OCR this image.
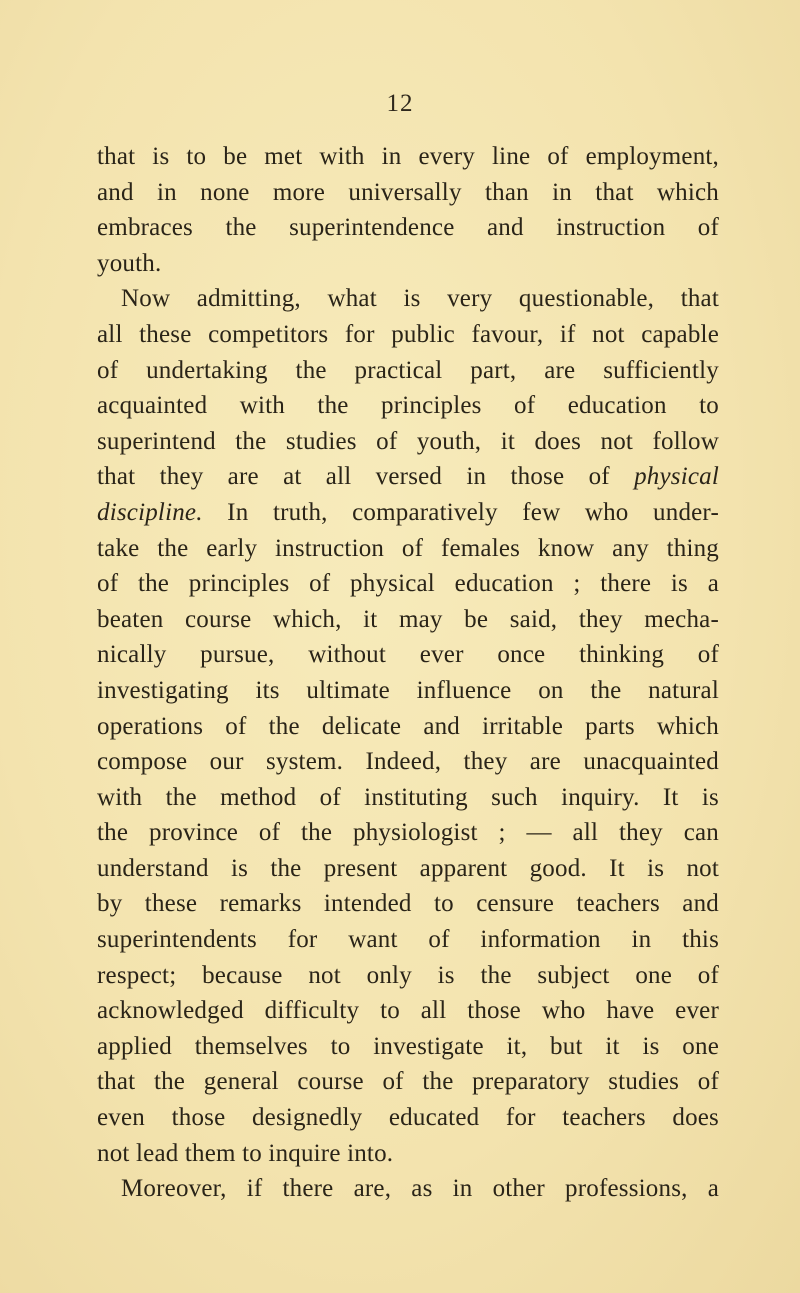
12
that is to be met with in every line of employment,
and in none more universally than in that which
embraces the superintendence and instruction of
youth.
Now admitting, what is very questionable, that
all these competitors for public favour, if not capable
of undertaking the practical part, are sufficiently
acquainted with the principles of education to
superintend the studies of youth, it does not follow
that they are at all versed in those of physical
discipline. In truth, comparatively few who under-
take the early instruction of females know any thing
of the principles of physical education ; there is a
beaten course which, it may be said, they mecha-
nically pursue, without ever once thinking of
investigating its ultimate influence on the natural
operations of the delicate and irritable parts which
compose our system. Indeed, they are unacquainted
with the method of instituting such inquiry. It is
the province of the physiologist ; — all they can
understand is the present apparent good. It is not
by these remarks intended to censure teachers and
superintendents for want of information in this
respect; because not only is the subject one of
acknowledged difficulty to all those who have ever
applied themselves to investigate it, but it is one
that the general course of the preparatory studies of
even those designedly educated for teachers does
not lead them to inquire into.
Moreover, if there are, as in other professions, a
